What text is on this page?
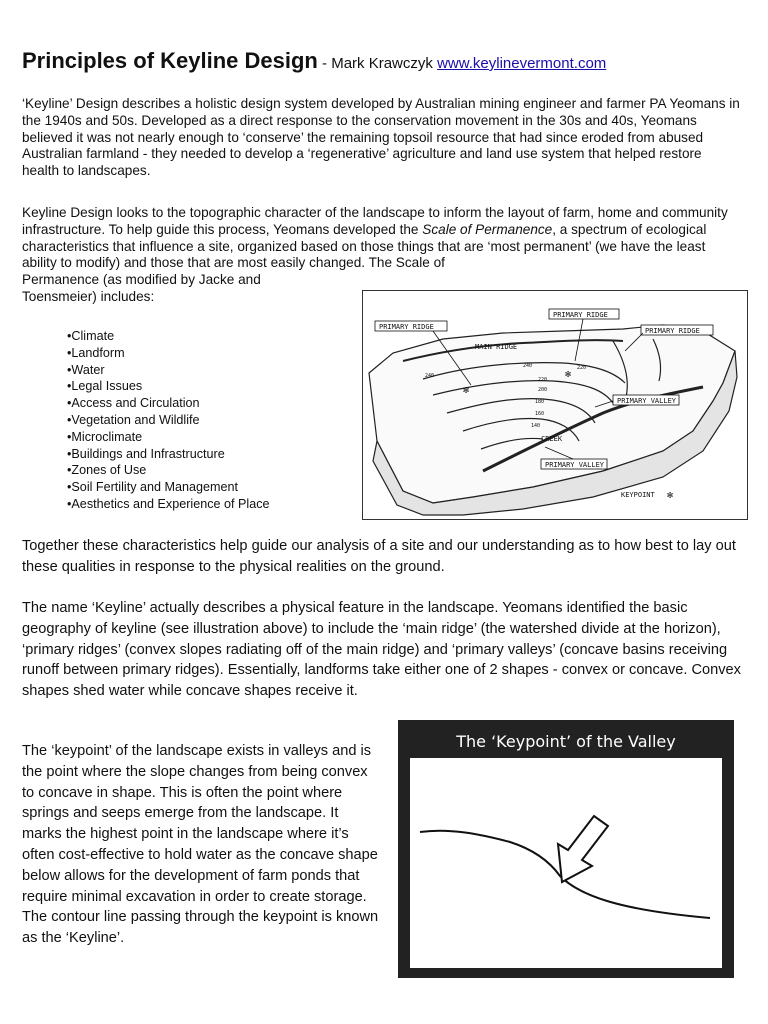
Principles of Keyline Design - Mark Krawczyk www.keylinevermont.com
‘Keyline’ Design describes a holistic design system developed by Australian mining engineer and farmer PA Yeomans in the 1940s and 50s. Developed as a direct response to the conservation movement in the 30s and 40s, Yeomans believed it was not nearly enough to ‘conserve’ the remaining topsoil resource that had since eroded from abused Australian farmland - they needed to develop a ‘regenerative’ agriculture and land use system that helped restore health to landscapes.
Keyline Design looks to the topographic character of the landscape to inform the layout of farm, home and community infrastructure. To help guide this process, Yeomans developed the Scale of Permanence, a spectrum of ecological characteristics that influence a site, organized based on those things that are ‘most permanent’ (we have the least ability to modify) and those that are most easily changed. The Scale of
Permanence (as modified by Jacke and
Toensmeier) includes:
•Climate
•Landform
•Water
•Legal Issues
•Access and Circulation
•Vegetation and Wildlife
•Microclimate
•Buildings and Infrastructure
•Zones of Use
•Soil Fertility and Management
•Aesthetics and Experience of Place
PRIMARY RIDGE
PRIMARY RIDGE
PRIMARY RIDGE
MAIN RIDGE
PRIMARY VALLEY
PRIMARY VALLEY
CREEK
KEYPOINT ✻
✻
✻
240
240
220
200
180
160
140
220
Together these characteristics help guide our analysis of a site and our understanding as to how best to lay out these qualities in response to the physical realities on the ground.
The name ‘Keyline’ actually describes a physical feature in the landscape. Yeomans identified the basic geography of keyline (see illustration above) to include the ‘main ridge’ (the watershed divide at the horizon), ‘primary ridges’ (convex slopes radiating off of the main ridge) and ‘primary valleys’ (concave basins receiving runoff between primary ridges). Essentially, landforms take either one of 2 shapes - convex or concave. Convex shapes shed water while concave shapes receive it.
The ‘keypoint’ of the landscape exists in valleys and is the point where the slope changes from being convex to concave in shape. This is often the point where springs and seeps emerge from the landscape. It marks the highest point in the landscape where it’s often cost-effective to hold water as the concave shape below allows for the development of farm ponds that require minimal excavation in order to create storage. The contour line passing through the keypoint is known as the ‘Keyline’.
The ‘Keypoint’ of the Valley
